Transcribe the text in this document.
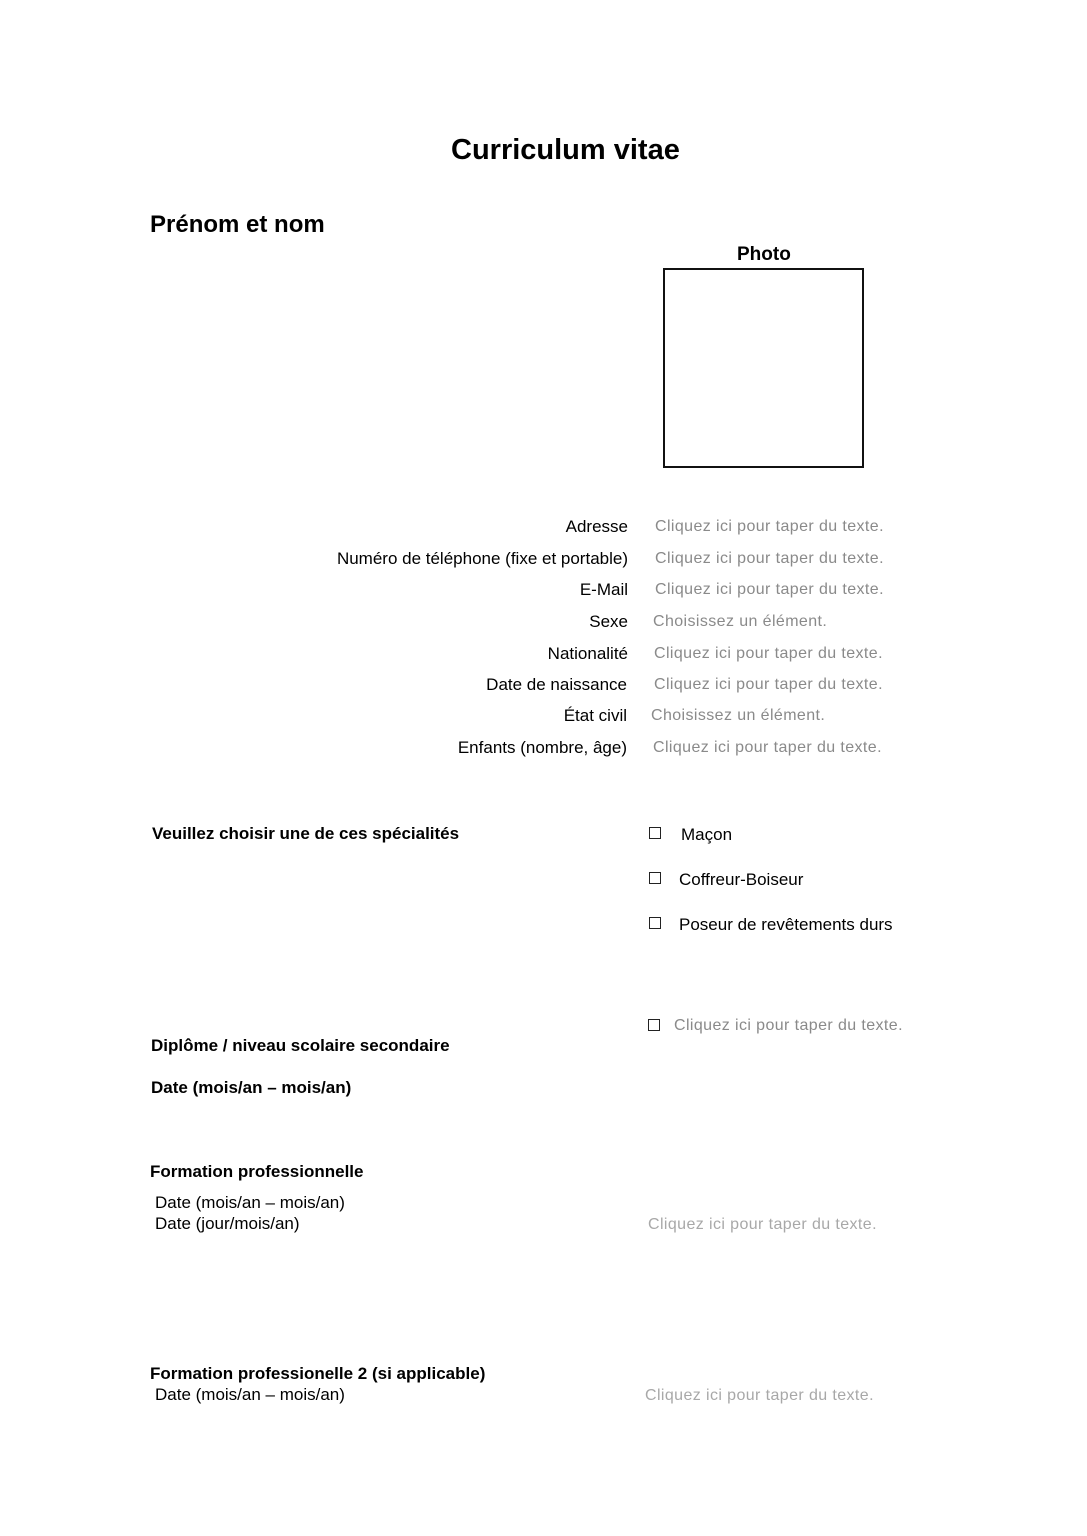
Curriculum vitae
Prénom et nom
Photo
Adresse Cliquez ici pour taper du texte.
Numéro de téléphone (fixe et portable) Cliquez ici pour taper du texte.
E-Mail Cliquez ici pour taper du texte.
Sexe Choisissez un élément.
Nationalité Cliquez ici pour taper du texte.
Date de naissance Cliquez ici pour taper du texte.
État civil Choisissez un élément.
Enfants (nombre, âge) Cliquez ici pour taper du texte.
Veuillez choisir une de ces spécialités	Maçon
Coffreur-Boiseur
Poseur de revêtements durs
Cliquez ici pour taper du texte.
Diplôme / niveau scolaire secondaire
Date (mois/an – mois/an)
Formation professionnelle
Date (mois/an – mois/an)
Date (jour/mois/an)	Cliquez ici pour taper du texte.
Formation professionelle 2 (si applicable)
Date (mois/an – mois/an)	Cliquez ici pour taper du texte.
